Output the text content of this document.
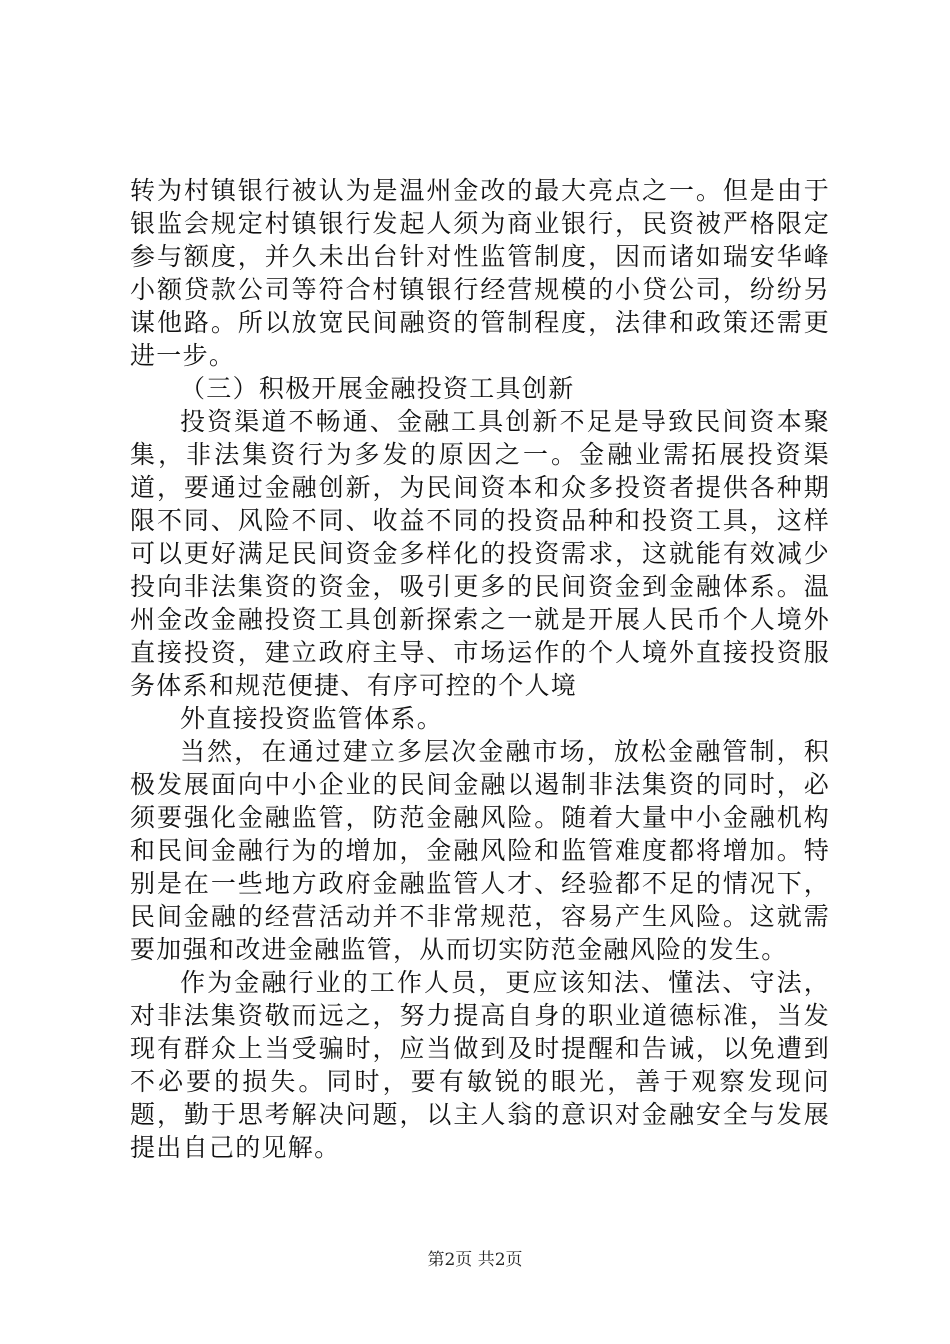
转为村镇银行被认为是温州金改的最大亮点之一。但是由于银监会规定村镇银行发起人须为商业银行，民资被严格限定参与额度，并久未出台针对性监管制度，因而诸如瑞安华峰小额贷款公司等符合村镇银行经营规模的小贷公司，纷纷另谋他路。所以放宽民间融资的管制程度，法律和政策还需更进一步。

（三）积极开展金融投资工具创新

投资渠道不畅通、金融工具创新不足是导致民间资本聚集，非法集资行为多发的原因之一。金融业需拓展投资渠道，要通过金融创新，为民间资本和众多投资者提供各种期限不同、风险不同、收益不同的投资品种和投资工具，这样可以更好满足民间资金多样化的投资需求，这就能有效减少投向非法集资的资金，吸引更多的民间资金到金融体系。温州金改金融投资工具创新探索之一就是开展人民币个人境外直接投资，建立政府主导、市场运作的个人境外直接投资服务体系和规范便捷、有序可控的个人境

外直接投资监管体系。

当然，在通过建立多层次金融市场，放松金融管制，积极发展面向中小企业的民间金融以遏制非法集资的同时，必须要强化金融监管，防范金融风险。随着大量中小金融机构和民间金融行为的增加，金融风险和监管难度都将增加。特别是在一些地方政府金融监管人才、经验都不足的情况下，民间金融的经营活动并不非常规范，容易产生风险。这就需要加强和改进金融监管，从而切实防范金融风险的发生。

作为金融行业的工作人员，更应该知法、懂法、守法，对非法集资敬而远之，努力提高自身的职业道德标准，当发现有群众上当受骗时，应当做到及时提醒和告诫，以免遭到不必要的损失。同时，要有敏锐的眼光，善于观察发现问题，勤于思考解决问题，以主人翁的意识对金融安全与发展提出自己的见解。

第2页 共2页
